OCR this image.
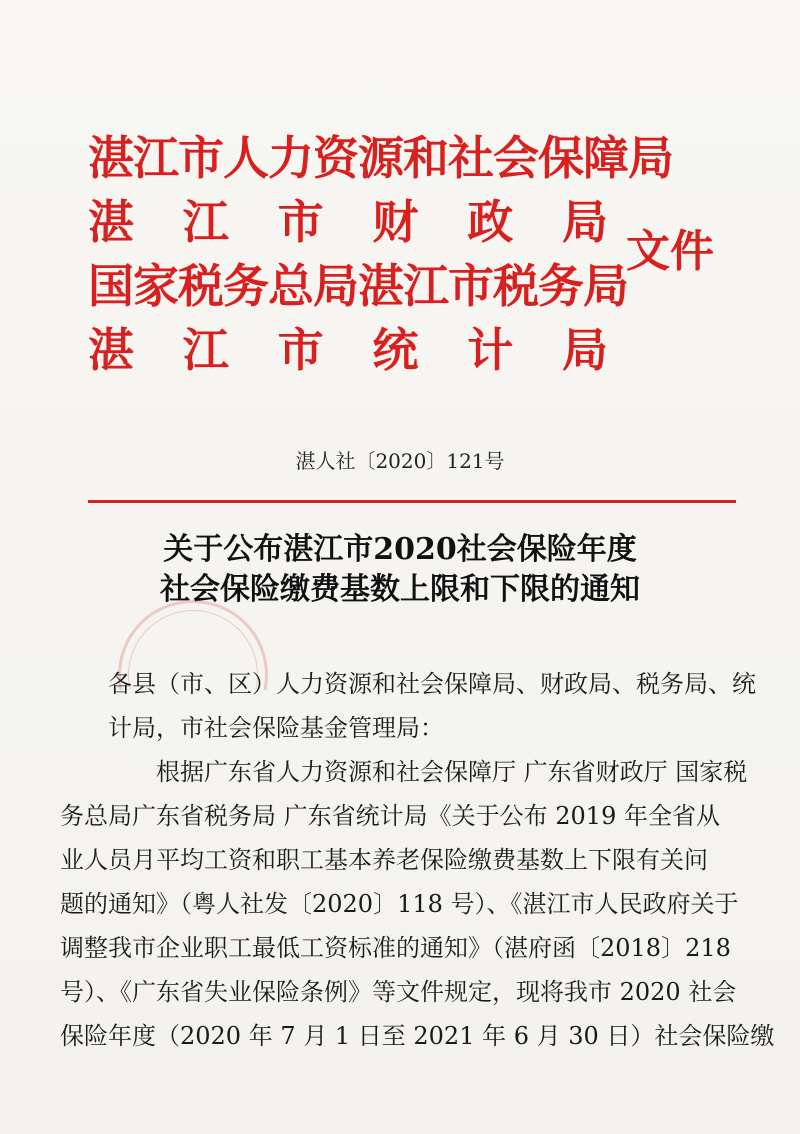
湛江市人力资源和社会保障局
湛 江 市 财 政 局
国家税务总局湛江市税务局
湛 江 市 统 计 局
文件
湛人社〔2020〕121号
关于公布湛江市2020社会保险年度
社会保险缴费基数上限和下限的通知
各县（市、区）人力资源和社会保障局、财政局、税务局、统
计局，市社会保险基金管理局：
根据广东省人力资源和社会保障厅 广东省财政厅 国家税
务总局广东省税务局 广东省统计局《关于公布 2019 年全省从
业人员月平均工资和职工基本养老保险缴费基数上下限有关问
题的通知》（粤人社发〔2020〕118 号）、《湛江市人民政府关于
调整我市企业职工最低工资标准的通知》（湛府函〔2018〕218
号）、《广东省失业保险条例》等文件规定，现将我市 2020 社会
保险年度（2020 年 7 月 1 日至 2021 年 6 月 30 日）社会保险缴
